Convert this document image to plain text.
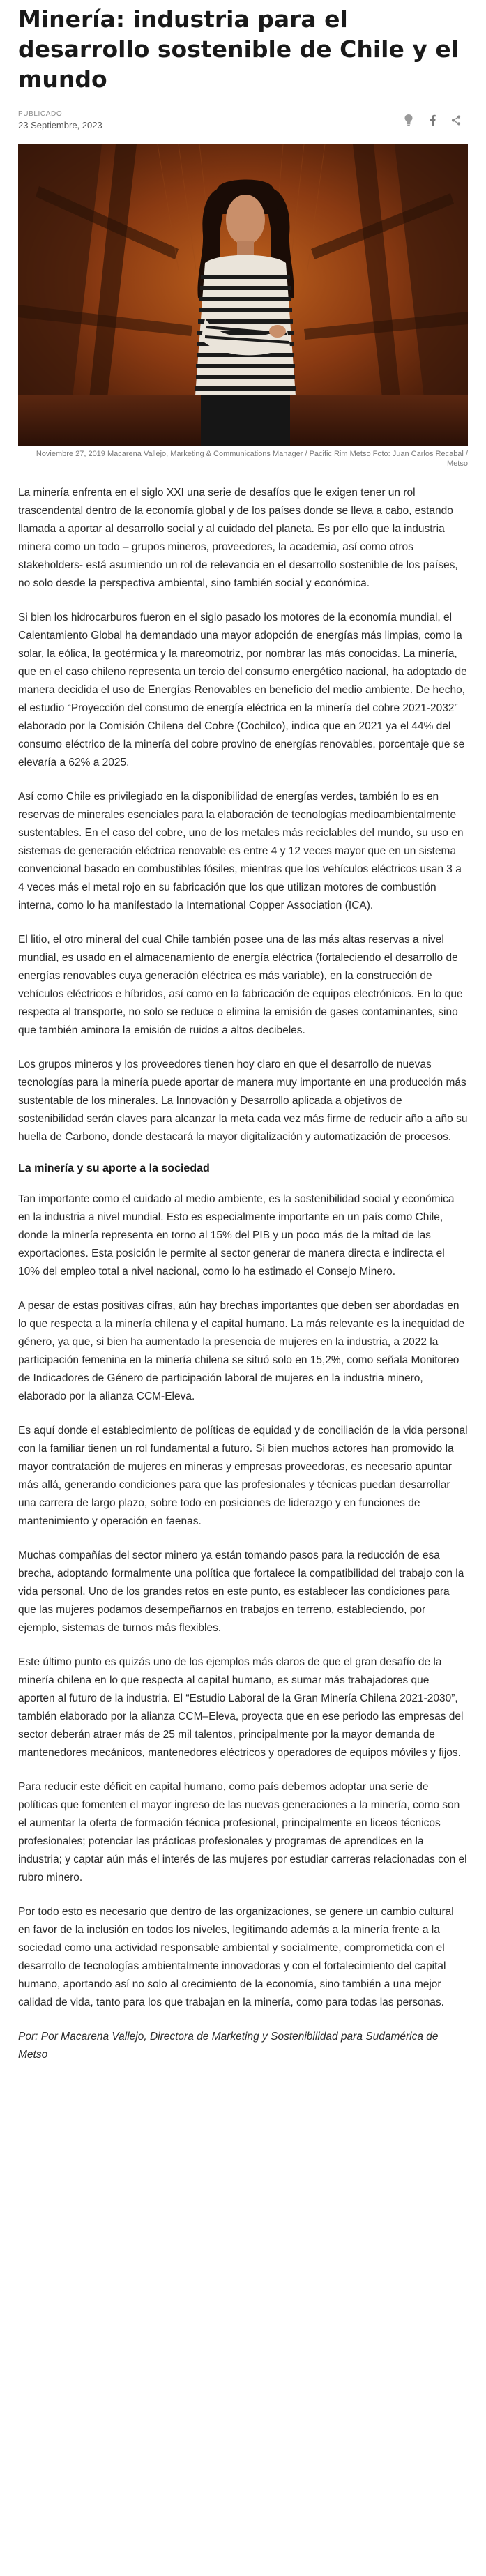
Minería: industria para el desarrollo sostenible de Chile y el mundo
PUBLICADO
23 Septiembre, 2023

Noviembre 27, 2019 Macarena Vallejo, Marketing & Communications Manager / Pacific Rim Metso Foto: Juan Carlos Recabal / Metso

La minería enfrenta en el siglo XXI una serie de desafíos que le exigen tener un rol trascendental dentro de la economía global y de los países donde se lleva a cabo, estando llamada a aportar al desarrollo social y al cuidado del planeta. Es por ello que la industria minera como un todo – grupos mineros, proveedores, la academia, así como otros stakeholders- está asumiendo un rol de relevancia en el desarrollo sostenible de los países, no solo desde la perspectiva ambiental, sino también social y económica.

Si bien los hidrocarburos fueron en el siglo pasado los motores de la economía mundial, el Calentamiento Global ha demandado una mayor adopción de energías más limpias, como la solar, la eólica, la geotérmica y la mareomotriz, por nombrar las más conocidas. La minería, que en el caso chileno representa un tercio del consumo energético nacional, ha adoptado de manera decidida el uso de Energías Renovables en beneficio del medio ambiente. De hecho, el estudio “Proyección del consumo de energía eléctrica en la minería del cobre 2021-2032” elaborado por la Comisión Chilena del Cobre (Cochilco), indica que en 2021 ya el 44% del consumo eléctrico de la minería del cobre provino de energías renovables, porcentaje que se elevaría a 62% a 2025.

Así como Chile es privilegiado en la disponibilidad de energías verdes, también lo es en reservas de minerales esenciales para la elaboración de tecnologías medioambientalmente sustentables. En el caso del cobre, uno de los metales más reciclables del mundo, su uso en sistemas de generación eléctrica renovable es entre 4 y 12 veces mayor que en un sistema convencional basado en combustibles fósiles, mientras que los vehículos eléctricos usan 3 a 4 veces más el metal rojo en su fabricación que los que utilizan motores de combustión interna, como lo ha manifestado la International Copper Association (ICA).

El litio, el otro mineral del cual Chile también posee una de las más altas reservas a nivel mundial, es usado en el almacenamiento de energía eléctrica (fortaleciendo el desarrollo de energías renovables cuya generación eléctrica es más variable), en la construcción de vehículos eléctricos e híbridos, así como en la fabricación de equipos electrónicos. En lo que respecta al transporte, no solo se reduce o elimina la emisión de gases contaminantes, sino que también aminora la emisión de ruidos a altos decibeles.

Los grupos mineros y los proveedores tienen hoy claro en que el desarrollo de nuevas tecnologías para la minería puede aportar de manera muy importante en una producción más sustentable de los minerales. La Innovación y Desarrollo aplicada a objetivos de sostenibilidad serán claves para alcanzar la meta cada vez más firme de reducir año a año su huella de Carbono, donde destacará la mayor digitalización y automatización de procesos.

La minería y su aporte a la sociedad

Tan importante como el cuidado al medio ambiente, es la sostenibilidad social y económica en la industria a nivel mundial. Esto es especialmente importante en un país como Chile, donde la minería representa en torno al 15% del PIB y un poco más de la mitad de las exportaciones. Esta posición le permite al sector generar de manera directa e indirecta el 10% del empleo total a nivel nacional, como lo ha estimado el Consejo Minero.

A pesar de estas positivas cifras, aún hay brechas importantes que deben ser abordadas en lo que respecta a la minería chilena y el capital humano. La más relevante es la inequidad de género, ya que, si bien ha aumentado la presencia de mujeres en la industria, a 2022 la participación femenina en la minería chilena se situó solo en 15,2%, como señala Monitoreo de Indicadores de Género de participación laboral de mujeres en la industria minero, elaborado por la alianza CCM-Eleva.

Es aquí donde el establecimiento de políticas de equidad y de conciliación de la vida personal con la familiar tienen un rol fundamental a futuro. Si bien muchos actores han promovido la mayor contratación de mujeres en mineras y empresas proveedoras, es necesario apuntar más allá, generando condiciones para que las profesionales y técnicas puedan desarrollar una carrera de largo plazo, sobre todo en posiciones de liderazgo y en funciones de mantenimiento y operación en faenas.

Muchas compañías del sector minero ya están tomando pasos para la reducción de esa brecha, adoptando formalmente una política que fortalece la compatibilidad del trabajo con la vida personal. Uno de los grandes retos en este punto, es establecer las condiciones para que las mujeres podamos desempeñarnos en trabajos en terreno, estableciendo, por ejemplo, sistemas de turnos más flexibles.

Este último punto es quizás uno de los ejemplos más claros de que el gran desafío de la minería chilena en lo que respecta al capital humano, es sumar más trabajadores que aporten al futuro de la industria. El “Estudio Laboral de la Gran Minería Chilena 2021-2030”, también elaborado por la alianza CCM–Eleva, proyecta que en ese periodo las empresas del sector deberán atraer más de 25 mil talentos, principalmente por la mayor demanda de mantenedores mecánicos, mantenedores eléctricos y operadores de equipos móviles y fijos.

Para reducir este déficit en capital humano, como país debemos adoptar una serie de políticas que fomenten el mayor ingreso de las nuevas generaciones a la minería, como son el aumentar la oferta de formación técnica profesional, principalmente en liceos técnicos profesionales; potenciar las prácticas profesionales y programas de aprendices en la industria; y captar aún más el interés de las mujeres por estudiar carreras relacionadas con el rubro minero.

Por todo esto es necesario que dentro de las organizaciones, se genere un cambio cultural en favor de la inclusión en todos los niveles, legitimando además a la minería frente a la sociedad como una actividad responsable ambiental y socialmente, comprometida con el desarrollo de tecnologías ambientalmente innovadoras y con el fortalecimiento del capital humano, aportando así no solo al crecimiento de la economía, sino también a una mejor calidad de vida, tanto para los que trabajan en la minería, como para todas las personas.

Por: Por Macarena Vallejo, Directora de Marketing y Sostenibilidad para Sudamérica de Metso
